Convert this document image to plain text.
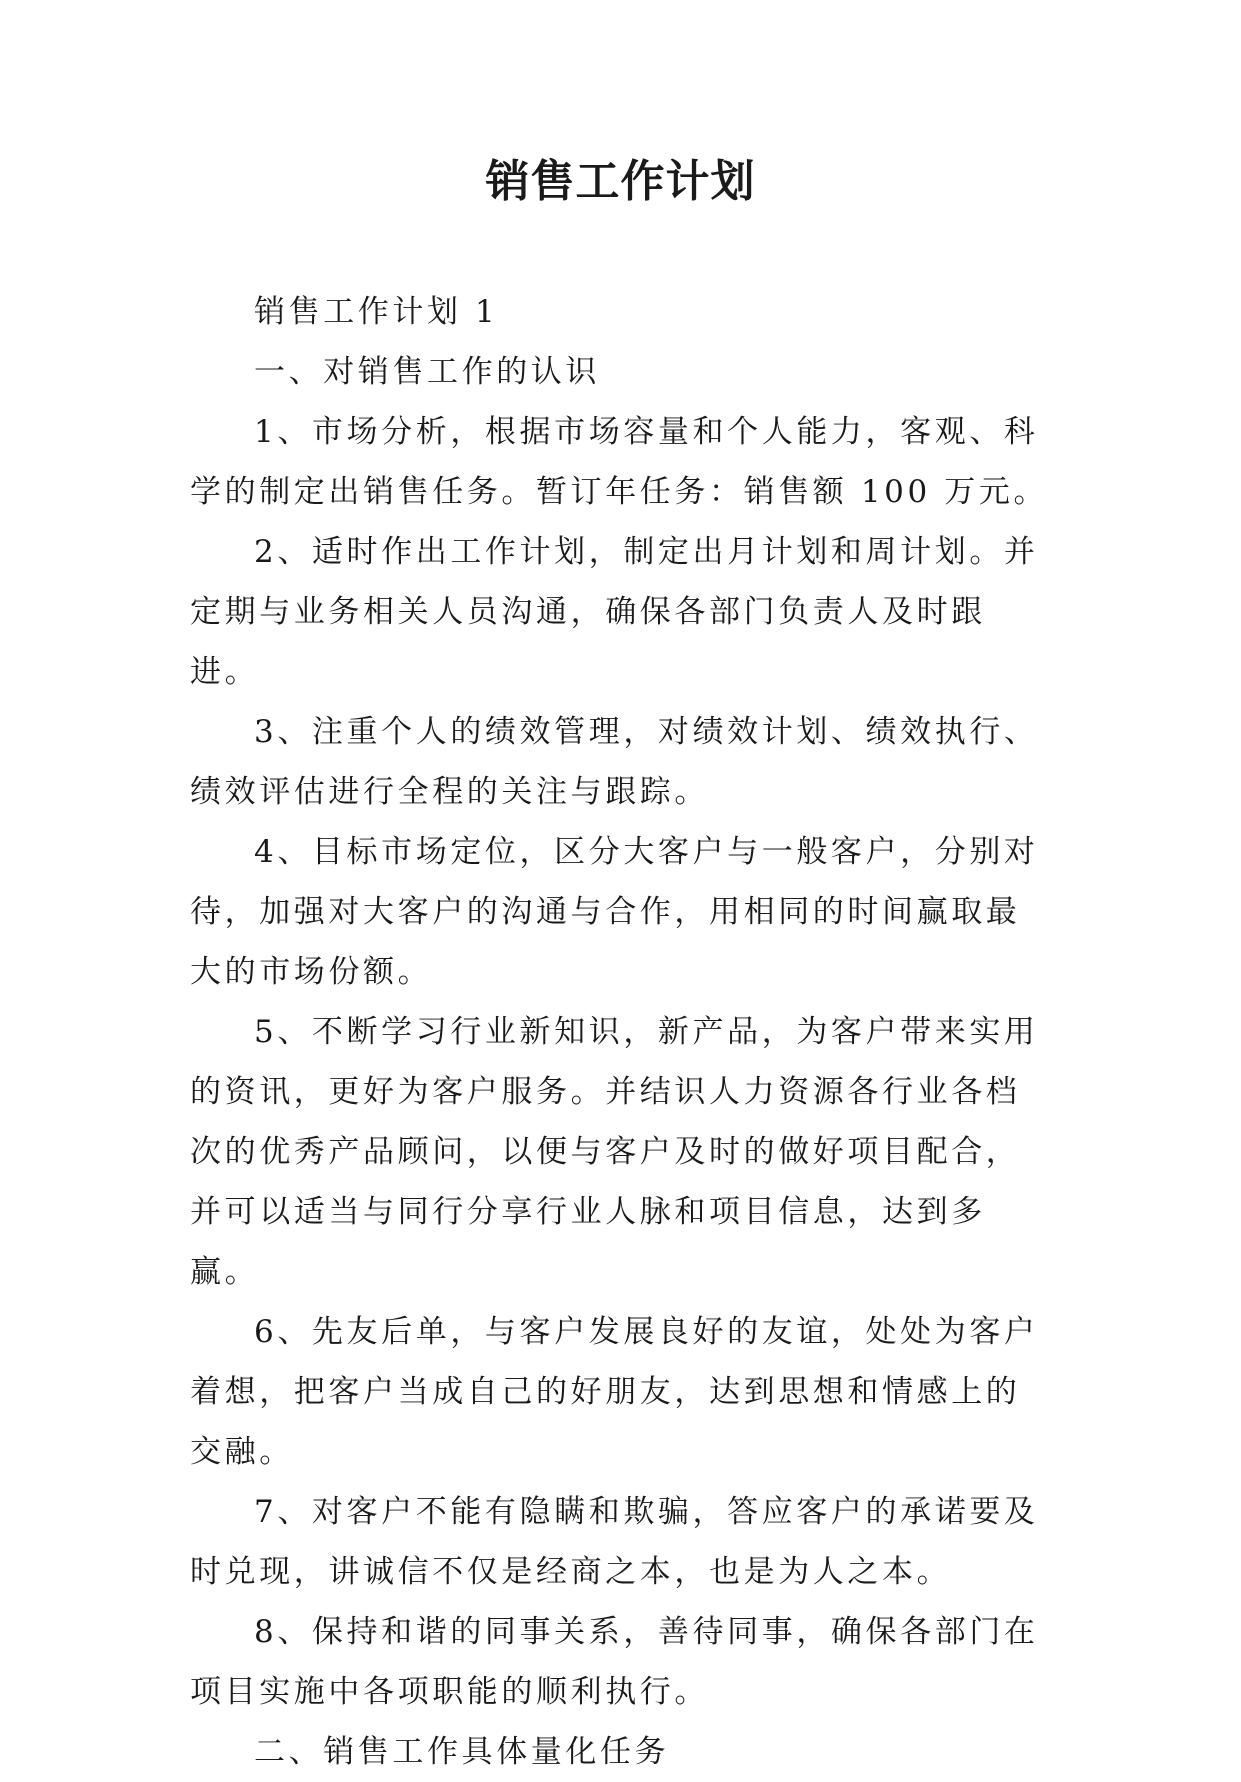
销售工作计划

销售工作计划 1

一、对销售工作的认识

1、市场分析，根据市场容量和个人能力，客观、科学的制定出销售任务。暂订年任务：销售额 100 万元。

2、适时作出工作计划，制定出月计划和周计划。并定期与业务相关人员沟通，确保各部门负责人及时跟进。

3、注重个人的绩效管理，对绩效计划、绩效执行、绩效评估进行全程的关注与跟踪。

4、目标市场定位，区分大客户与一般客户，分别对待，加强对大客户的沟通与合作，用相同的时间赢取最大的市场份额。

5、不断学习行业新知识，新产品，为客户带来实用的资讯，更好为客户服务。并结识人力资源各行业各档次的优秀产品顾问，以便与客户及时的做好项目配合，并可以适当与同行分享行业人脉和项目信息，达到多赢。

6、先友后单，与客户发展良好的友谊，处处为客户着想，把客户当成自己的好朋友，达到思想和情感上的交融。

7、对客户不能有隐瞒和欺骗，答应客户的承诺要及时兑现，讲诚信不仅是经商之本，也是为人之本。

8、保持和谐的同事关系，善待同事，确保各部门在项目实施中各项职能的顺利执行。

二、销售工作具体量化任务
